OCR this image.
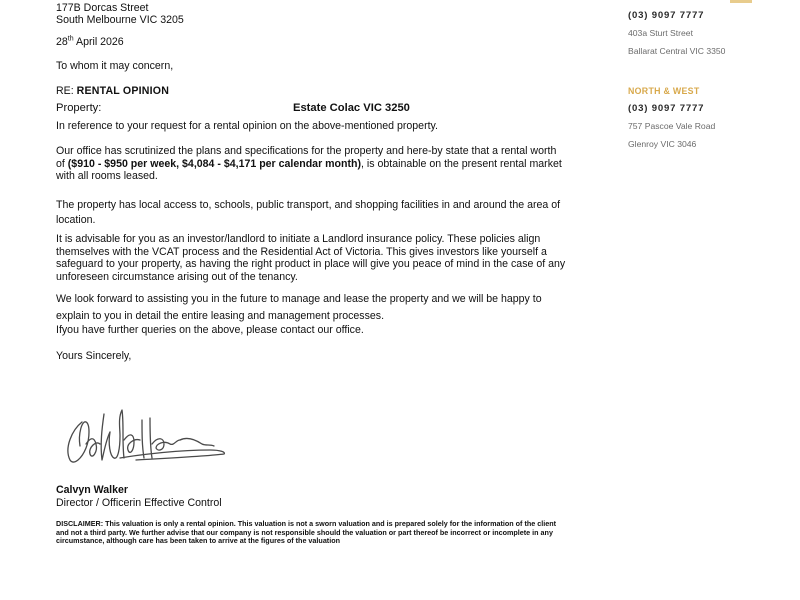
177B Dorcas Street
South Melbourne VIC 3205
28th April 2026
To whom it may concern,
RE: RENTAL OPINION
Property:	Estate Colac VIC 3250
In reference to your request for a rental opinion on the above-mentioned property.
Our office has scrutinized the plans and specifications for the property and here-by state that a rental worth of ($910 - $950 per week, $4,084 - $4,171 per calendar month), is obtainable on the present rental market with all rooms leased.
The property has local access to, schools, public transport, and shopping facilities in and around the area of location.
It is advisable for you as an investor/landlord to initiate a Landlord insurance policy. These policies align themselves with the VCAT process and the Residential Act of Victoria. This gives investors like yourself a safeguard to your property, as having the right product in place will give you peace of mind in the case of any unforeseen circumstance arising out of the tenancy.
We look forward to assisting you in the future to manage and lease the property and we will be happy to explain to you in detail the entire leasing and management processes.
Ifyou have further queries on the above, please contact our office.
Yours Sincerely,
Calvyn Walker
Director / Officerin Effective Control
DISCLAIMER: This valuation is only a rental opinion. This valuation is not a sworn valuation and is prepared solely for the information of the client and not a third party. We further advise that our company is not responsible should the valuation or part thereof be incorrect or incomplete in any circumstance, although care has been taken to arrive at the figures of the valuation
(03) 9097 7777
403a Sturt Street
Ballarat Central VIC 3350
NORTH & WEST
(03) 9097 7777
757 Pascoe Vale Road
Glenroy VIC 3046
